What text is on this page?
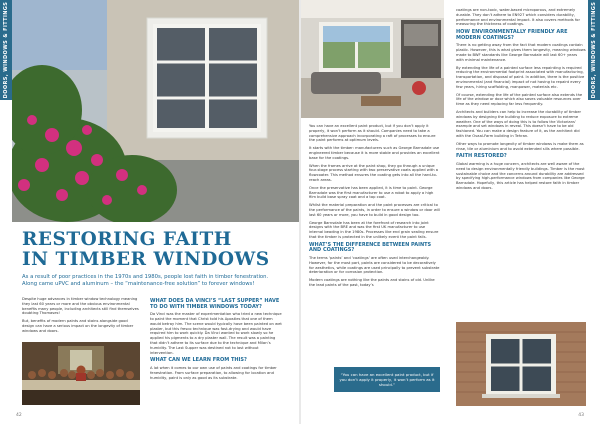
DOORS, WINDOWS & FITTINGS
RESTORING FAITH
IN TIMBER WINDOWS
As a result of poor practices in the 1970s and 1980s, people lost faith in timber fenestration. Along came uPVC and aluminum – the “maintenance-free solution” to forever windows!

Despite huge advances in timber window technology meaning they last 60 years or more and the obvious environmental benefits many people, including architects still find themselves doubting Thomases!

But, benefits of modern paints and stains alongside good design can have a serious impact on the longevity of timber windows and doors.

WHAT DOES DA VINCI’S “LAST SUPPER” HAVE TO DO WITH TIMBER WINDOWS TODAY?

Da Vinci was the master of experimentation who tried a new technique to paint the moment that Christ told his Apostles that one of them would betray him. The scene would typically have been painted on wet plaster, but this fresco technique was fast-drying and would have required him to work quickly. Da Vinci wanted to work slowly so he applied his pigments to a dry plaster wall. The result was a painting that didn’t adhere to its surface due to the technique and Milan’s humidity. The Last Supper was destined not to last without intervention.

WHAT CAN WE LEARN FROM THIS?

A lot when it comes to our own use of paints and coatings for timber fenestration. From surface preparation, to allowing for location and humidity, paint is only as good as its substrate.

42
DOORS, WINDOWS & FITTINGS

You can have an excellent paint product, but if you don’t apply it properly, it won’t perform as it should. Companies need to take a comprehensive approach incorporating a raft of processes to ensure the paint performs at optimum levels.

It starts with the timber: manufacturers such as George Barnsdale use engineered timber because it is more stable and provides an excellent base for the coatings.

When the frames arrive at the paint shop, they go through a unique four-stage process starting with two preservative coats applied with a flowcoater. This method ensures the coating gets into all the hard-to-reach areas.

Once the preservative has been applied, it is time to paint. George Barnsdale was the first manufacturer to use a robot to apply a high film build base spray coat and a top coat.

Whilst the material preparation and the paint processes are critical to the performance of the paints, in order to ensure a window or door will last 60 years or more, you have to build in good design too.

George Barnsdale has been at the forefront of research into joint designs with the BRE and was the first UK manufacturer to use internal beading in the 1980s. Processes like end grain sealing ensure that the timber is protected in the unlikely event the paint fails.

WHAT’S THE DIFFERENCE BETWEEN PAINTS AND COATINGS?

The terms ‘paints’ and ‘coatings’ are often used interchangeably. However, for the most part, paints are considered to be decoratively for aesthetics, while coatings are used principally to prevent substrate deterioration or for corrosion protection.

Modern coatings are nothing like the paints and stains of old. Unlike the lead paints of the past, today’s

“You can have an excellent paint product, but if you don’t apply it properly, it won’t perform as it should.”

coatings are non-toxic, water-based microporous, and extremely durable. They don’t adhere to EN927 which considers durability, performance and environmental impact. It also covers methods for measuring the thickness of coatings.

HOW ENVIRONMENTALLY FRIENDLY ARE MODERN COATINGS?

There is no getting away from the fact that modern coatings contain plastic. However, this is what gives them longevity, meaning windows made to BWF standards like George Barnsdale will last 60+ years with minimal maintenance.

By extending the life of a painted surface less repainting is required reducing the environmental footprint associated with manufacturing, transportation, and disposal of paint. In addition, there is the positive environmental (and financial) impact of not having to repaint every few years, hiring scaffolding, manpower, materials etc.

Of course, extending the life of the painted surface also extends the life of the window or door which also saves valuable resources over time as they need replacing far less frequently.

Architects and builders can help to increase the durability of timber windows by designing the building to reduce exposure to extreme weather. One of the ways of doing this is to follow the Victorians’ example and set windows in reveal. This doesn’t have to be old fashioned. You can make a design feature of it, as the architect did with the Ovaal-Farm building in Tehran.

Other ways to promote longevity of timber windows is make them as rinse, tile or aluminium and to avoid extended sills where possible.

FAITH RESTORED?

Global warming is a huge concern, architects are well aware of the need to design environmentally friendly buildings. Timber is the most sustainable choice and the concerns around durability are addressed by specifying high-performance windows from companies like George Barnsdale. Hopefully, this article has helped restore faith in timber windows and doors.

43
